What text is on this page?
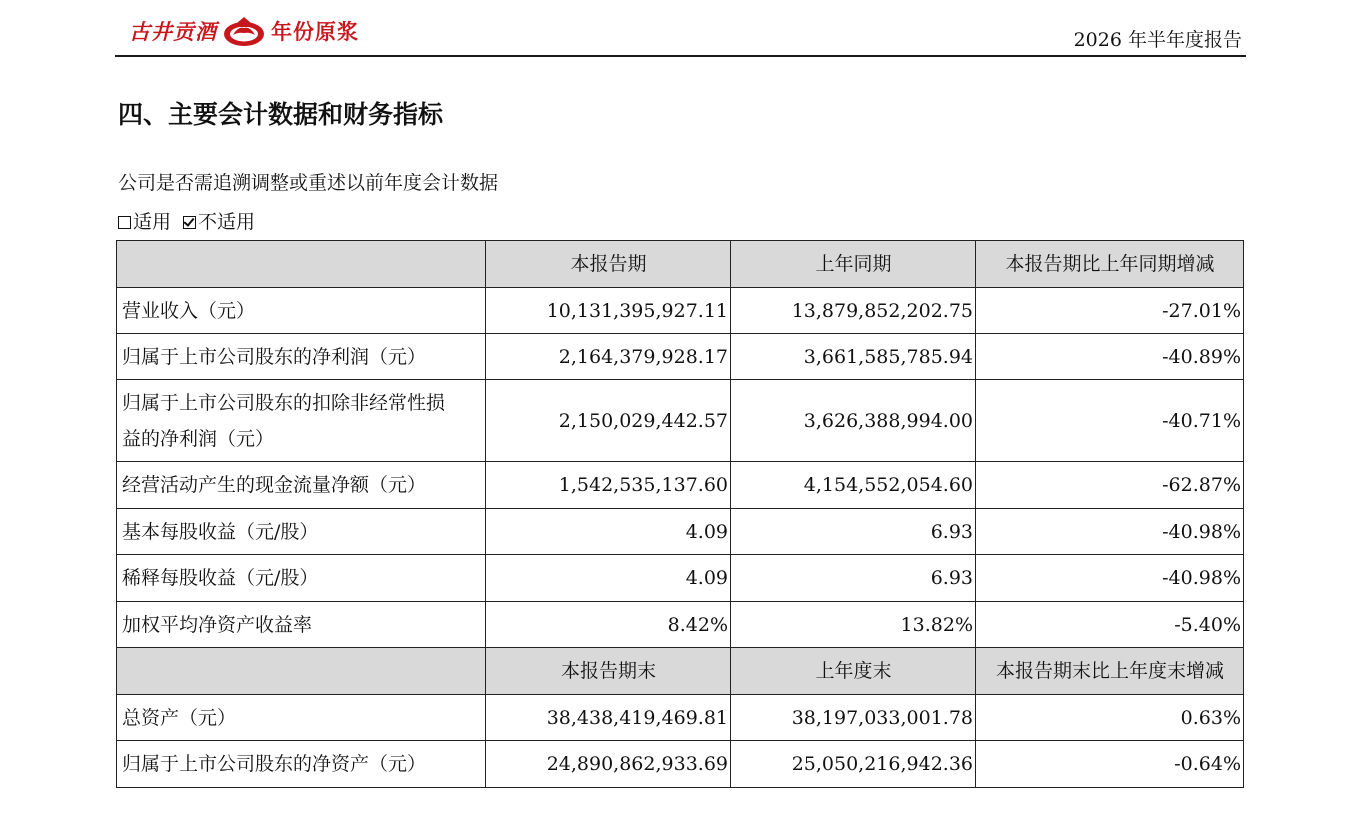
古井贡酒	年份原浆	2026 年半年度报告
四、主要会计数据和财务指标
公司是否需追溯调整或重述以前年度会计数据
适用 不适用
	本报告期	上年同期	本报告期比上年同期增减
营业收入（元）	10,131,395,927.11	13,879,852,202.75	-27.01%
归属于上市公司股东的净利润（元）	2,164,379,928.17	3,661,585,785.94	-40.89%

归属于上市公司股东的扣除非经常性损
益的净利润（元）	2,150,029,442.57	3,626,388,994.00	-40.71%
经营活动产生的现金流量净额（元）	1,542,535,137.60	4,154,552,054.60	-62.87%
基本每股收益（元/股）	4.09	6.93	-40.98%
稀释每股收益（元/股）	4.09	6.93	-40.98%
加权平均净资产收益率	8.42%	13.82%	-5.40%
	本报告期末	上年度末	本报告期末比上年度末增减
总资产（元）	38,438,419,469.81	38,197,033,001.78	0.63%
归属于上市公司股东的净资产（元）	24,890,862,933.69	25,050,216,942.36	-0.64%
